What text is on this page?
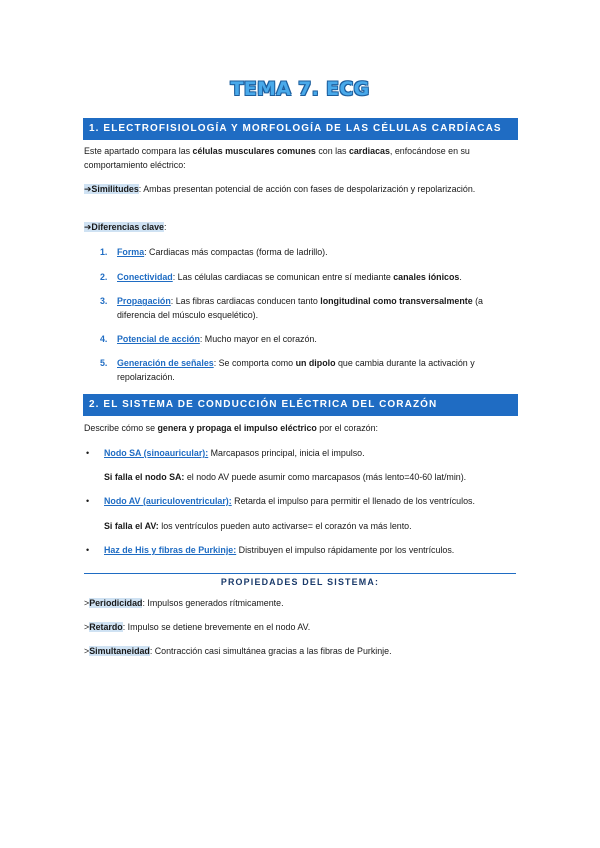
TEMA 7. ECG
1. ELECTROFISIOLOGÍA Y MORFOLOGÍA DE LAS CÉLULAS CARDÍACAS
Este apartado compara las células musculares comunes con las cardiacas, enfocándose en su comportamiento eléctrico:
➔Similitudes: Ambas presentan potencial de acción con fases de despolarización y repolarización.
➔Diferencias clave:
1.	Forma: Cardiacas más compactas (forma de ladrillo).
2.	Conectividad: Las células cardiacas se comunican entre sí mediante canales iónicos.
3.	Propagación: Las fibras cardiacas conducen tanto longitudinal como transversalmente (a diferencia del músculo esquelético).
4.	Potencial de acción: Mucho mayor en el corazón.
5.	Generación de señales: Se comporta como un dipolo que cambia durante la activación y repolarización.
2. EL SISTEMA DE CONDUCCIÓN ELÉCTRICA DEL CORAZÓN
Describe cómo se genera y propaga el impulso eléctrico por el corazón:
• Nodo SA (sinoauricular): Marcapasos principal, inicia el impulso.
Si falla el nodo SA: el nodo AV puede asumir como marcapasos (más lento=40-60 lat/min).
• Nodo AV (auriculoventricular): Retarda el impulso para permitir el llenado de los ventrículos.
Si falla el AV: los ventrículos pueden auto activarse= el corazón va más lento.
• Haz de His y fibras de Purkinje: Distribuyen el impulso rápidamente por los ventrículos.
PROPIEDADES DEL SISTEMA:
>Periodicidad: Impulsos generados rítmicamente.
>Retardo: Impulso se detiene brevemente en el nodo AV.
>Simultaneidad: Contracción casi simultánea gracias a las fibras de Purkinje.
